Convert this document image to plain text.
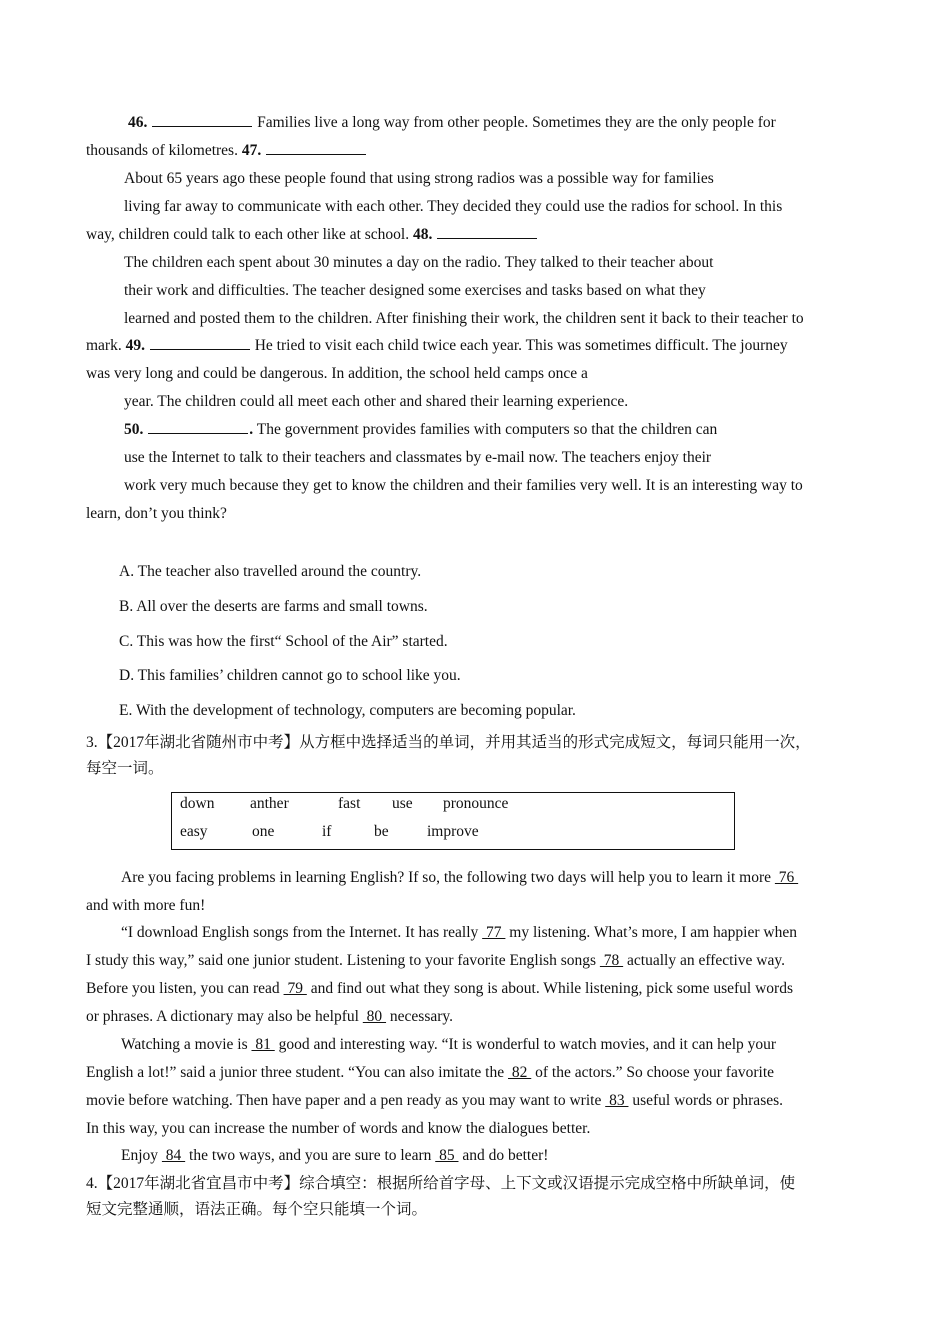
46.	Families live a long way from other people. Sometimes they are the only people for
thousands of kilometres. 47.
About 65 years ago these people found that using strong radios was a possible way for families
living far away to communicate with each other. They decided they could use the radios for school. In this
way, children could talk to each other like at school. 48.
The children each spent about 30 minutes a day on the radio. They talked to their teacher about
their work and difficulties. The teacher designed some exercises and tasks based on what they
learned and posted them to the children. After finishing their work, the children sent it back to their teacher to
mark. 49.	He tried to visit each child twice each year. This was sometimes difficult. The journey
was very long and could be dangerous. In addition, the school held camps once a
year. The children could all meet each other and shared their learning experience.
50.	. The government provides families with computers so that the children can
use the Internet to talk to their teachers and classmates by e-mail now. The teachers enjoy their
work very much because they get to know the children and their families very well. It is an interesting way to
learn, don’t you think?
A. The teacher also travelled around the country.
B. All over the deserts are farms and small towns.
C. This was how the first“ School of the Air” started.
D. This families’ children cannot go to school like you.
E. With the development of technology, computers are becoming popular.
3.【2017年湖北省随州市中考】从方框中选择适当的单词，并用其适当的形式完成短文，每词只能用一次，
每空一词。
down anther	fast use pronounce
easy	one	if	be improve
Are you facing problems in learning English? If so, the following two days will help you to learn it more  76
and with more fun!
“I download English songs from the Internet. It has really  77  my listening. What’s more, I am happier when
I study this way,” said one junior student. Listening to your favorite English songs  78  actually an effective way.
Before you listen, you can read  79  and find out what they song is about. While listening, pick some useful words
or phrases. A dictionary may also be helpful  80  necessary.
Watching a movie is  81  good and interesting way. “It is wonderful to watch movies, and it can help your
English a lot!” said a junior three student. “You can also imitate the  82  of the actors.” So choose your favorite
movie before watching. Then have paper and a pen ready as you may want to write  83  useful words or phrases.
In this way, you can increase the number of words and know the dialogues better.
Enjoy  84  the two ways, and you are sure to learn  85  and do better!
4.【2017年湖北省宜昌市中考】综合填空：根据所给首字母、上下文或汉语提示完成空格中所缺单词，使
短文完整通顺，语法正确。每个空只能填一个词。
